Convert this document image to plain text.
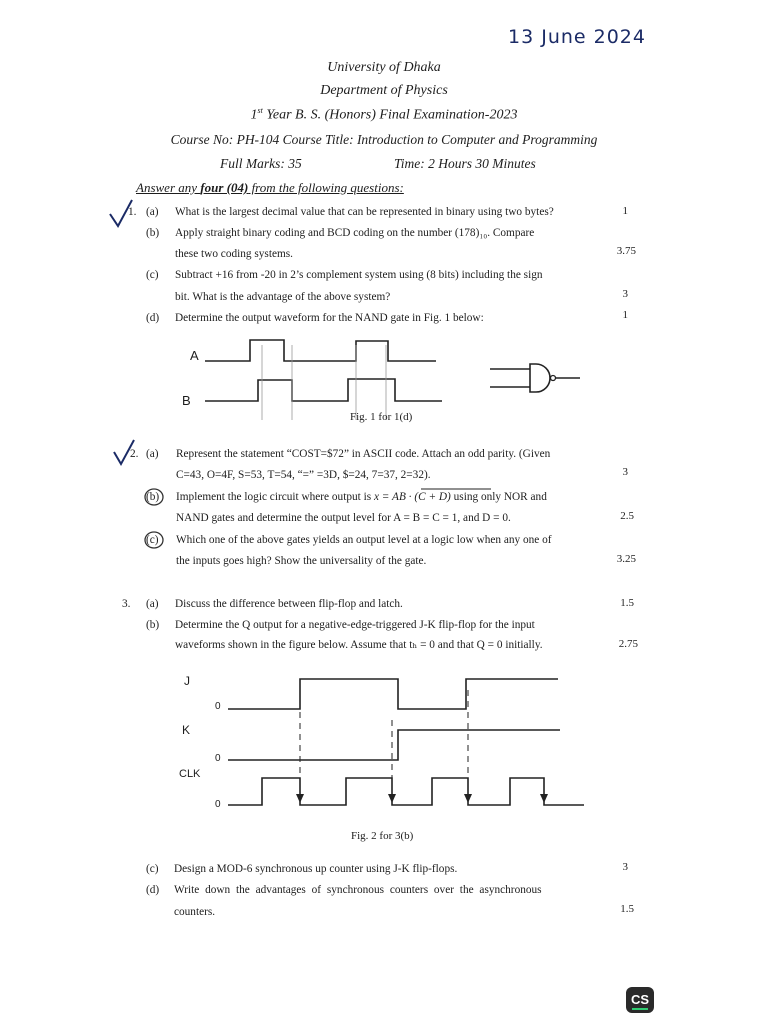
13 June 2024
University of Dhaka
Department of Physics
1st Year B. S. (Honors) Final Examination-2023
Course No: PH-104 Course Title: Introduction to Computer and Programming
Full Marks: 35	Time: 2 Hours 30 Minutes
Answer any four (04) from the following questions:
1. (a) What is the largest decimal value that can be represented in binary using two bytes?	1
(b) Apply straight binary coding and BCD coding on the number (178)₁₀. Compare
these two coding systems.	3.75
(c) Subtract +16 from -20 in 2’s complement system using (8 bits) including the sign
bit. What is the advantage of the above system?	3
(d) Determine the output waveform for the NAND gate in Fig. 1 below:	1
A
B
Fig. 1 for 1(d)
2. (a) Represent the statement “COST=$72” in ASCII code. Attach an odd parity. (Given
C=43, O=4F, S=53, T=54, “=” =3D, $=24, 7=37, 2=32).	3
(b) Implement the logic circuit where output is x = AB · (C + D) using only NOR and
NAND gates and determine the output level for A = B = C = 1, and D = 0.	2.5
(c) Which one of the above gates yields an output level at a logic low when any one of
the inputs goes high? Show the universality of the gate.	3.25
3. (a) Discuss the difference between flip-flop and latch.	1.5
(b) Determine the Q output for a negative-edge-triggered J-K flip-flop for the input
waveforms shown in the figure below. Assume that tₕ = 0 and that Q = 0 initially.	2.75
J
0
K
0
CLK
0
Fig. 2 for 3(b)
(c) Design a MOD-6 synchronous up counter using J-K flip-flops.	3
(d) Write down the advantages of synchronous counters over the asynchronous
counters.	1.5
CS
